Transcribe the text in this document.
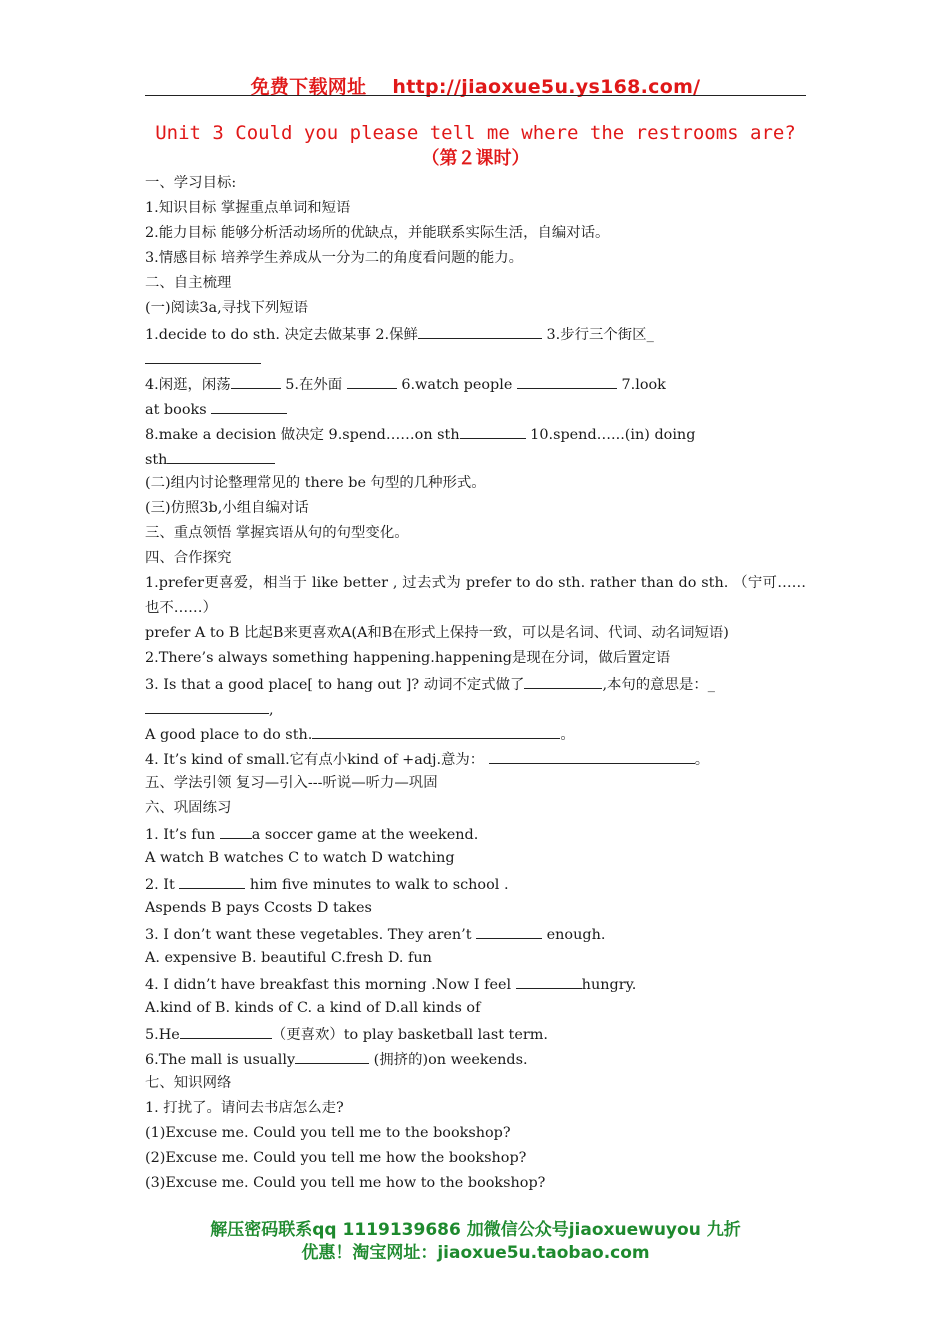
免费下载网址 http://jiaoxue5u.ys168.com/
Unit 3 Could you please tell me where the restrooms are?
（第２课时）
一、学习目标:
1.知识目标 掌握重点单词和短语
2.能力目标 能够分析活动场所的优缺点，并能联系实际生活，自编对话。
3.情感目标 培养学生养成从一分为二的角度看问题的能力。
二、自主梳理
(一)阅读3a,寻找下列短语
1.decide to do sth. 决定去做某事 2.保鲜	3.步行三个街区_
4.闲逛，闲荡	5.在外面	6.watch people	7.look
at books
8.make a decision 做决定 9.spend……on sth	10.spend…...(in) doing
sth
(二)组内讨论整理常见的 there be 句型的几种形式。
(三)仿照3b,小组自编对话
三、重点领悟 掌握宾语从句的句型变化。
四、合作探究
1.prefer更喜爱，相当于 like better , 过去式为 prefer to do sth. rather than do sth. （宁可……也不……）
prefer A to B 比起B来更喜欢A(A和B在形式上保持一致，可以是名词、代词、动名词短语)
2.There’s always something happening.happening是现在分词，做后置定语
3. Is that a good place[ to hang out ]? 动词不定式做了	,本句的意思是：_
,
A good place to do sth.	。
4. It’s kind of small.它有点小kind of +adj.意为：	。
五、学法引领 复习—引入---听说—听力—巩固
六、巩固练习
1. It’s fun a soccer game at the weekend.
A watch B watches C to watch D watching
2. It	him five minutes to walk to school .
Aspends B pays Ccosts D takes
3. I don’t want these vegetables. They aren’t	enough.
A. expensive B. beautiful C.fresh D. fun
4. I didn’t have breakfast this morning .Now I feel	hungry.
A.kind of B. kinds of C. a kind of D.all kinds of
5.He	（更喜欢）to play basketball last term.
6.The mall is usually	(拥挤的)on weekends.
七、知识网络
1. 打扰了。请问去书店怎么走?
(1)Excuse me. Could you tell me to the bookshop?
(2)Excuse me. Could you tell me how the bookshop?
(3)Excuse me. Could you tell me how to the bookshop?
解压密码联系qq 1119139686 加微信公众号jiaoxuewuyou 九折
优惠！淘宝网址：jiaoxue5u.taobao.com
